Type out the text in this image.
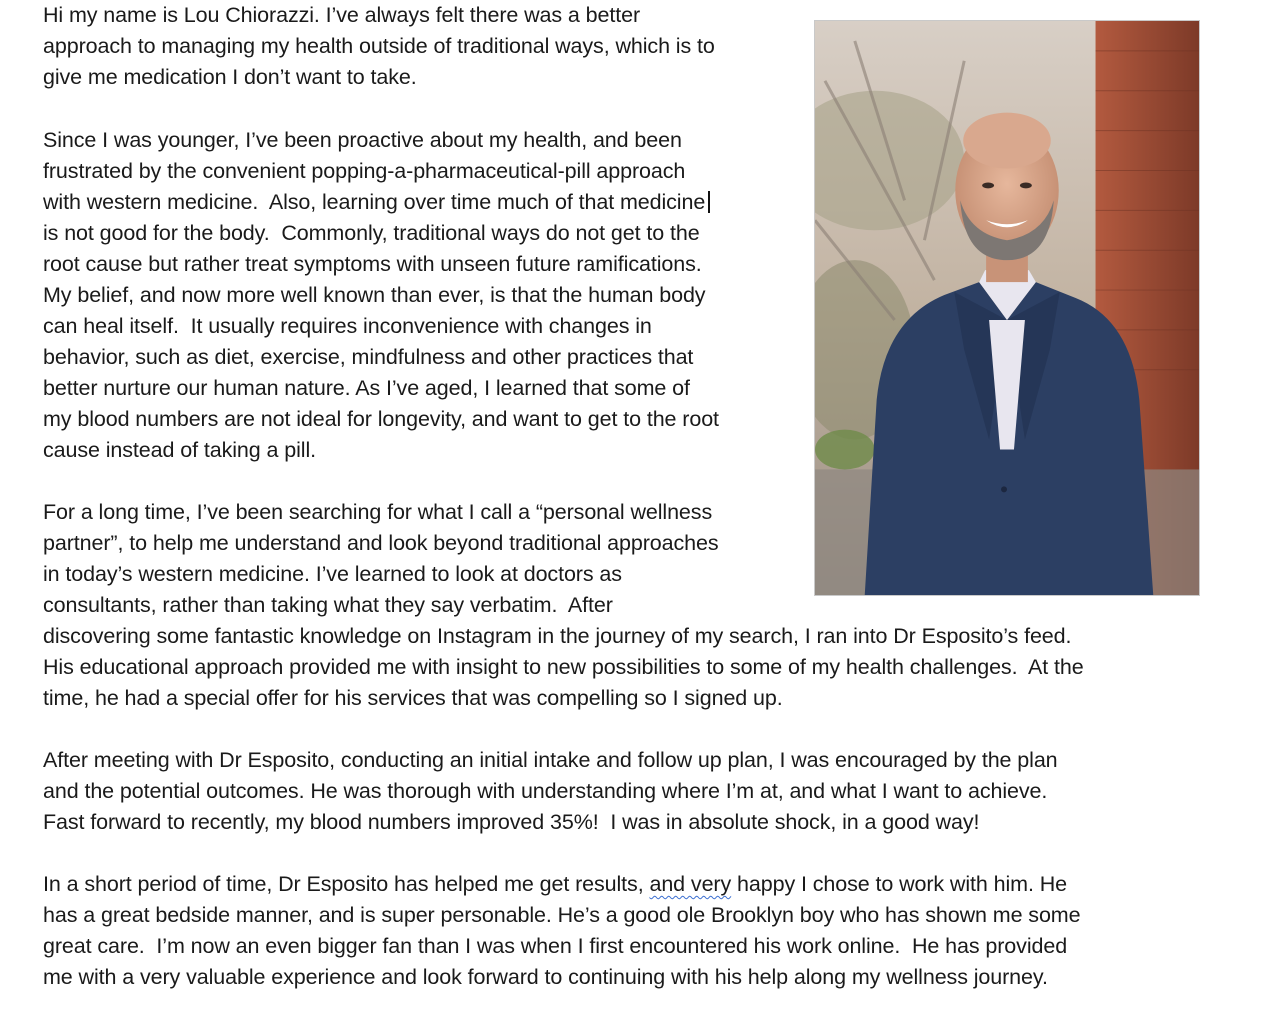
Hi my name is Lou Chiorazzi. I’ve always felt there was a better
approach to managing my health outside of traditional ways, which is to
give me medication I don’t want to take.
Since I was younger, I’ve been proactive about my health, and been
frustrated by the convenient popping-a-pharmaceutical-pill approach
with western medicine.  Also, learning over time much of that medicine
is not good for the body.  Commonly, traditional ways do not get to the
root cause but rather treat symptoms with unseen future ramifications.
My belief, and now more well known than ever, is that the human body
can heal itself.  It usually requires inconvenience with changes in
behavior, such as diet, exercise, mindfulness and other practices that
better nurture our human nature. As I’ve aged, I learned that some of
my blood numbers are not ideal for longevity, and want to get to the root
cause instead of taking a pill.
For a long time, I’ve been searching for what I call a “personal wellness
partner”, to help me understand and look beyond traditional approaches
in today’s western medicine. I’ve learned to look at doctors as
consultants, rather than taking what they say verbatim.  After
discovering some fantastic knowledge on Instagram in the journey of my search, I ran into Dr Esposito’s feed.
His educational approach provided me with insight to new possibilities to some of my health challenges.  At the
time, he had a special offer for his services that was compelling so I signed up.
After meeting with Dr Esposito, conducting an initial intake and follow up plan, I was encouraged by the plan
and the potential outcomes. He was thorough with understanding where I’m at, and what I want to achieve.
Fast forward to recently, my blood numbers improved 35%!  I was in absolute shock, in a good way!
In a short period of time, Dr Esposito has helped me get results, and very happy I chose to work with him. He
has a great bedside manner, and is super personable. He’s a good ole Brooklyn boy who has shown me some
great care.  I’m now an even bigger fan than I was when I first encountered his work online.  He has provided
me with a very valuable experience and look forward to continuing with his help along my wellness journey.
